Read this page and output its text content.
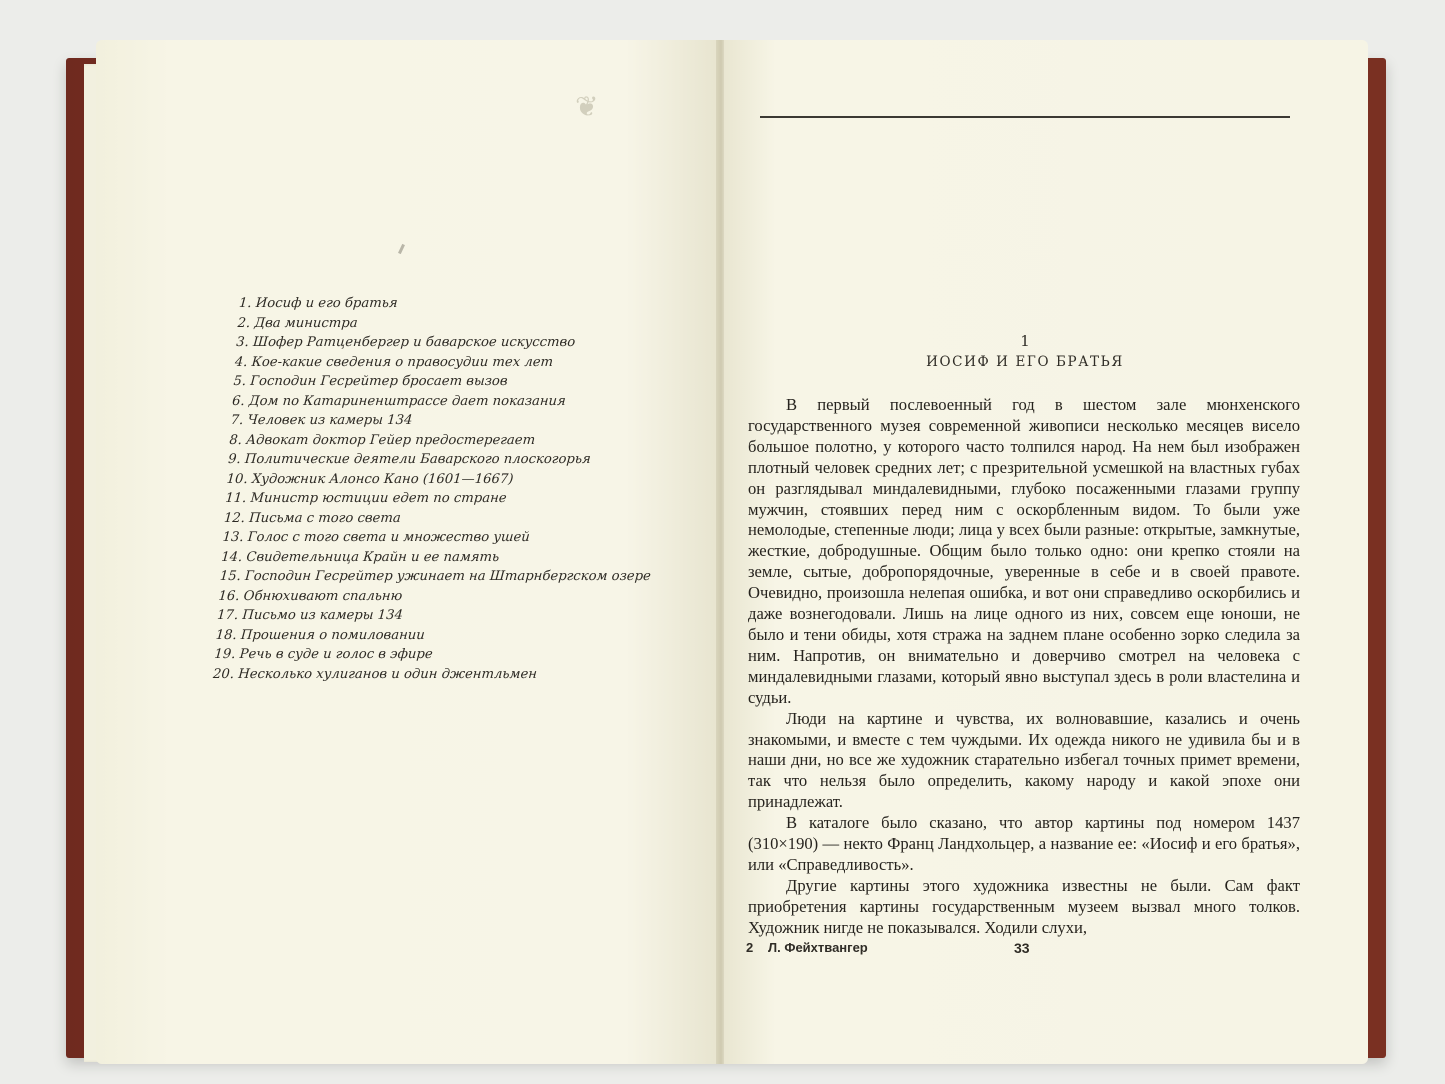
❦
1. Иосиф и его братья
2. Два министра
3. Шофер Ратценбергер и баварское искусство
4. Кое-какие сведения о правосудии тех лет
5. Господин Гесрейтер бросает вызов
6. Дом по Катариненштрассе дает показания
7. Человек из камеры 134
8. Адвокат доктор Гейер предостерегает
9. Политические деятели Баварского плоскогорья
10. Художник Алонсо Кано (1601—1667)
11. Министр юстиции едет по стране
12. Письма с того света
13. Голос с того света и множество ушей
14. Свидетельница Крайн и ее память
15. Господин Гесрейтер ужинает на Штарнбергском озере
16. Обнюхивают спальню
17. Письмо из камеры 134
18. Прошения о помиловании
19. Речь в суде и голос в эфире
20. Несколько хулиганов и один джентльмен
1
ИОСИФ И ЕГО БРАТЬЯ

В первый послевоенный год в шестом зале мюнхенского государственного музея современной живописи несколько месяцев висело большое полотно, у которого часто толпился народ. На нем был изображен плотный человек средних лет; с презрительной усмешкой на властных губах он разглядывал миндалевидными, глубоко посаженными глазами группу мужчин, стоявших перед ним с оскорбленным видом. То были уже немолодые, степенные люди; лица у всех были разные: открытые, замкнутые, жесткие, добродушные. Общим было только одно: они крепко стояли на земле, сытые, добропорядочные, уверенные в себе и в своей правоте. Очевидно, произошла нелепая ошибка, и вот они справедливо оскорбились и даже вознегодовали. Лишь на лице одного из них, совсем еще юноши, не было и тени обиды, хотя стража на заднем плане особенно зорко следила за ним. Напротив, он внимательно и доверчиво смотрел на человека с миндалевидными глазами, который явно выступал здесь в роли властелина и судьи.

Люди на картине и чувства, их волновавшие, казались и очень знакомыми, и вместе с тем чуждыми. Их одежда никого не удивила бы и в наши дни, но все же художник старательно избегал точных примет времени, так что нельзя было определить, какому народу и какой эпохе они принадлежат.

В каталоге было сказано, что автор картины под номером 1437 (310×190) — некто Франц Ландхольцер, а название ее: «Иосиф и его братья», или «Справедливость».

Другие картины этого художника известны не были. Сам факт приобретения картины государственным музеем вызвал много толков. Художник нигде не показывался. Ходили слухи,

2 Л. Фейхтвангер	33
